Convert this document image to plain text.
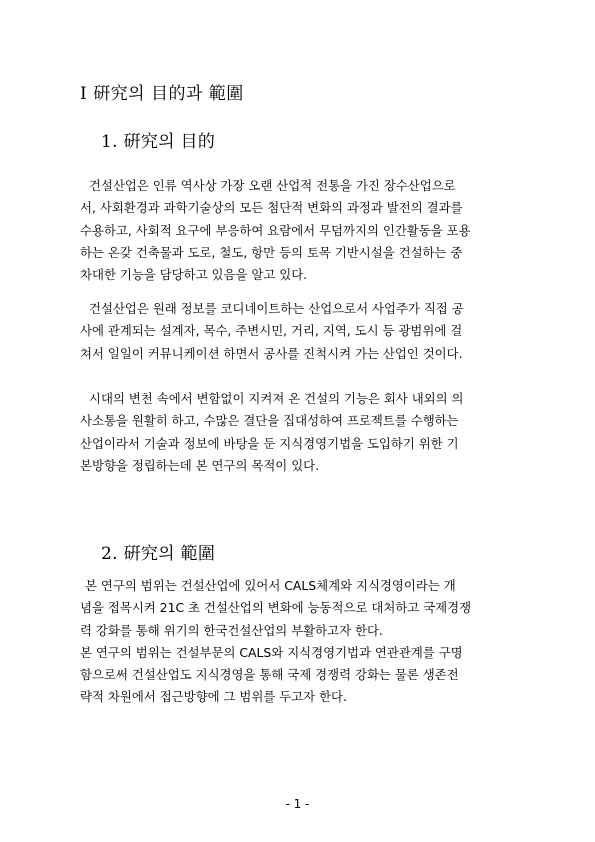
Ⅰ 硏究의 目的과 範圍
1. 硏究의 目的

건설산업은 인류 역사상 가장 오랜 산업적 전통을 가진 장수산업으로
서, 사회환경과 과학기술상의 모든 첨단적 변화의 과정과 발전의 결과를
수용하고, 사회적 요구에 부응하여 요람에서 무덤까지의 인간활동을 포용
하는 온갖 건축물과 도로, 철도, 항만 등의 토목 기반시설을 건설하는 중
차대한 기능을 담당하고 있음을 알고 있다.

건설산업은 원래 정보를 코디네이트하는 산업으로서 사업주가 직접 공
사에 관계되는 설계자, 목수, 주변시민, 거리, 지역, 도시 등 광범위에 걸
쳐서 일일이 커뮤니케이션 하면서 공사를 진척시켜 가는 산업인 것이다.

시대의 변천 속에서 변함없이 지켜져 온 건설의 기능은 회사 내외의 의
사소통을 원활히 하고, 수많은 결단을 집대성하여 프로젝트를 수행하는
산업이라서 기술과 정보에 바탕을 둔 지식경영기법을 도입하기 위한 기
본방향을 정립하는데 본 연구의 목적이 있다.

2. 硏究의 範圍

본 연구의 범위는 건설산업에 있어서 CALS체계와 지식경영이라는 개
념을 접목시켜 21C 초 건설산업의 변화에 능동적으로 대처하고 국제경쟁
력 강화를 통해 위기의 한국건설산업의 부활하고자 한다.
본 연구의 범위는 건설부문의 CALS와 지식경영기법과 연관관계를 구명
함으로써 건설산업도 지식경영을 통해 국제 경쟁력 강화는 물론 생존전
략적 차원에서 접근방향에 그 범위를 두고자 한다.

- 1 -
